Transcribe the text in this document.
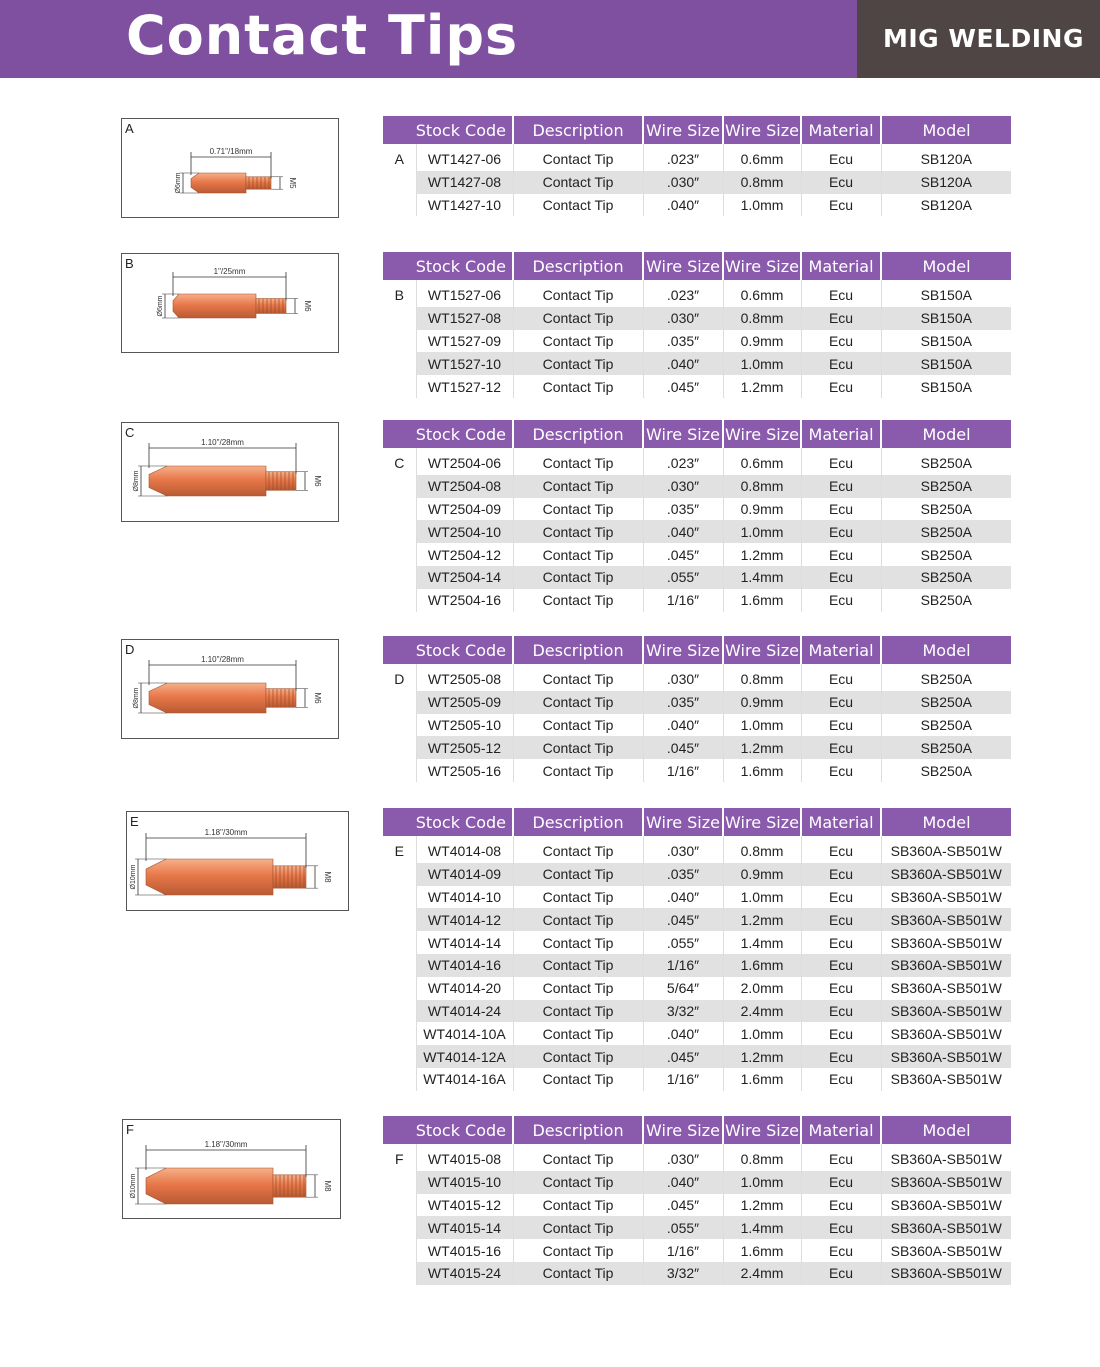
Contact Tips	MIG WELDING
A
0.71"/18mm
Ø6mm	M5
Stock Code		Description	Wire Size	Wire Size	Material	Model
A	WT1427-06	Contact Tip	.023″	0.6mm	Ecu	SB120A
	WT1427-08	Contact Tip	.030″	0.8mm	Ecu	SB120A
	WT1427-10	Contact Tip	.040″	1.0mm	Ecu	SB120A
B
1"/25mm
Ø6mm	M6
Stock Code		Description	Wire Size	Wire Size	Material	Model
B	WT1527-06	Contact Tip	.023″	0.6mm	Ecu	SB150A
	WT1527-08	Contact Tip	.030″	0.8mm	Ecu	SB150A
	WT1527-09	Contact Tip	.035″	0.9mm	Ecu	SB150A
	WT1527-10	Contact Tip	.040″	1.0mm	Ecu	SB150A
	WT1527-12	Contact Tip	.045″	1.2mm	Ecu	SB150A
C
1.10"/28mm
Ø8mm	M6
Stock Code		Description	Wire Size	Wire Size	Material	Model
C	WT2504-06	Contact Tip	.023″	0.6mm	Ecu	SB250A
	WT2504-08	Contact Tip	.030″	0.8mm	Ecu	SB250A
	WT2504-09	Contact Tip	.035″	0.9mm	Ecu	SB250A
	WT2504-10	Contact Tip	.040″	1.0mm	Ecu	SB250A
	WT2504-12	Contact Tip	.045″	1.2mm	Ecu	SB250A
	WT2504-14	Contact Tip	.055″	1.4mm	Ecu	SB250A
	WT2504-16	Contact Tip	1/16″	1.6mm	Ecu	SB250A
D
1.10"/28mm
Ø8mm	M6
Stock Code		Description	Wire Size	Wire Size	Material	Model
D	WT2505-08	Contact Tip	.030″	0.8mm	Ecu	SB250A
	WT2505-09	Contact Tip	.035″	0.9mm	Ecu	SB250A
	WT2505-10	Contact Tip	.040″	1.0mm	Ecu	SB250A
	WT2505-12	Contact Tip	.045″	1.2mm	Ecu	SB250A
	WT2505-16	Contact Tip	1/16″	1.6mm	Ecu	SB250A
E
1.18"/30mm
Ø10mm	M8
Stock Code		Description	Wire Size	Wire Size	Material	Model
E	WT4014-08	Contact Tip	.030″	0.8mm	Ecu	SB360A-SB501W
	WT4014-09	Contact Tip	.035″	0.9mm	Ecu	SB360A-SB501W
	WT4014-10	Contact Tip	.040″	1.0mm	Ecu	SB360A-SB501W
	WT4014-12	Contact Tip	.045″	1.2mm	Ecu	SB360A-SB501W
	WT4014-14	Contact Tip	.055″	1.4mm	Ecu	SB360A-SB501W
	WT4014-16	Contact Tip	1/16″	1.6mm	Ecu	SB360A-SB501W
	WT4014-20	Contact Tip	5/64″	2.0mm	Ecu	SB360A-SB501W
	WT4014-24	Contact Tip	3/32″	2.4mm	Ecu	SB360A-SB501W
	WT4014-10A	Contact Tip	.040″	1.0mm	Ecu	SB360A-SB501W
	WT4014-12A	Contact Tip	.045″	1.2mm	Ecu	SB360A-SB501W
	WT4014-16A	Contact Tip	1/16″	1.6mm	Ecu	SB360A-SB501W
F
1.18"/30mm
Ø10mm	M8
Stock Code		Description	Wire Size	Wire Size	Material	Model
F	WT4015-08	Contact Tip	.030″	0.8mm	Ecu	SB360A-SB501W
	WT4015-10	Contact Tip	.040″	1.0mm	Ecu	SB360A-SB501W
	WT4015-12	Contact Tip	.045″	1.2mm	Ecu	SB360A-SB501W
	WT4015-14	Contact Tip	.055″	1.4mm	Ecu	SB360A-SB501W
	WT4015-16	Contact Tip	1/16″	1.6mm	Ecu	SB360A-SB501W
	WT4015-24	Contact Tip	3/32″	2.4mm	Ecu	SB360A-SB501W
